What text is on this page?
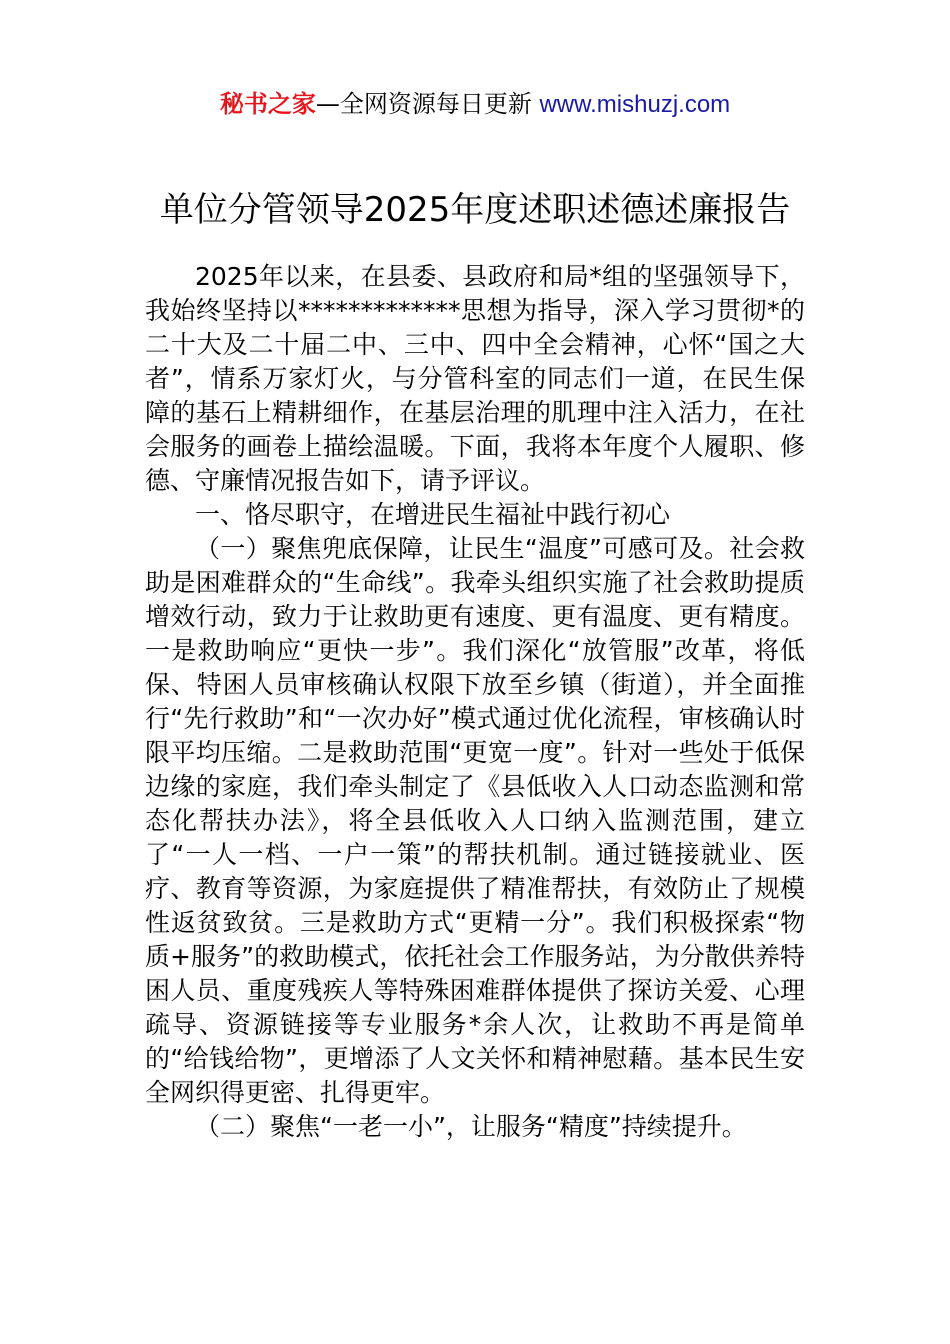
秘书之家—全网资源每日更新 www.mishuzj.com
单位分管领导2025年度述职述德述廉报告

2025年以来，在县委、县政府和局*组的坚强领导下，我始终坚持以*************思想为指导，深入学习贯彻*的二十大及二十届二中、三中、四中全会精神，心怀“国之大者”，情系万家灯火，与分管科室的同志们一道，在民生保障的基石上精耕细作，在基层治理的肌理中注入活力，在社会服务的画卷上描绘温暖。下面，我将本年度个人履职、修德、守廉情况报告如下，请予评议。

一、恪尽职守，在增进民生福祉中践行初心

（一）聚焦兜底保障，让民生“温度”可感可及。社会救助是困难群众的“生命线”。我牵头组织实施了社会救助提质增效行动，致力于让救助更有速度、更有温度、更有精度。一是救助响应“更快一步”。我们深化“放管服”改革，将低保、特困人员审核确认权限下放至乡镇（街道），并全面推行“先行救助”和“一次办好”模式通过优化流程，审核确认时限平均压缩。二是救助范围“更宽一度”。针对一些处于低保边缘的家庭，我们牵头制定了《县低收入人口动态监测和常态化帮扶办法》，将全县低收入人口纳入监测范围，建立了“一人一档、一户一策”的帮扶机制。通过链接就业、医疗、教育等资源，为家庭提供了精准帮扶，有效防止了规模性返贫致贫。三是救助方式“更精一分”。我们积极探索“物质+服务”的救助模式，依托社会工作服务站，为分散供养特困人员、重度残疾人等特殊困难群体提供了探访关爱、心理疏导、资源链接等专业服务*余人次，让救助不再是简单的“给钱给物”，更增添了人文关怀和精神慰藉。基本民生安全网织得更密、扎得更牢。

（二）聚焦“一老一小”，让服务“精度”持续提升。
